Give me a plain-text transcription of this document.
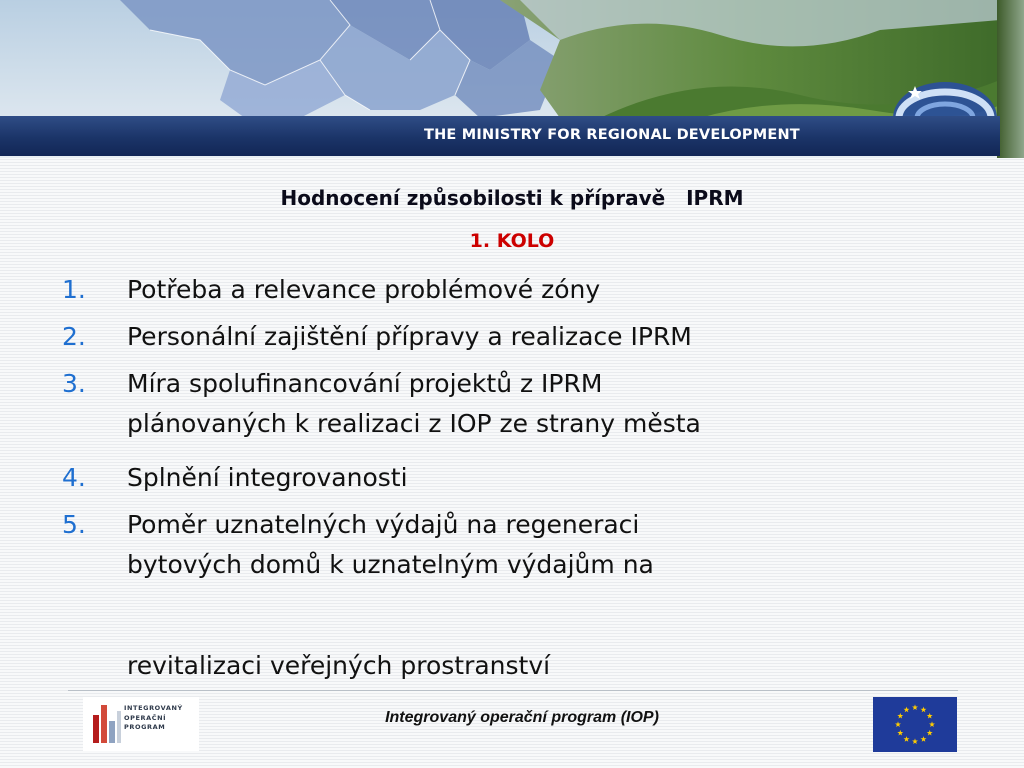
THE MINISTRY FOR REGIONAL DEVELOPMENT
Hodnocení způsobilosti k přípravě   IPRM
1. KOLO
1.	Potřeba a relevance problémové zóny
2.	Personální zajištění přípravy a realizace IPRM
3.	Míra spolufinancování projektů z IPRM
plánovaných k realizaci z IOP ze strany města
4.	Splnění integrovanosti
5.	Poměr uznatelných výdajů na regeneraci
bytových domů k uznatelným výdajům na
revitalizaci veřejných prostranství
INTEGROVANÝ
OPERAČNÍ
PROGRAM
Integrovaný operační program (IOP)
